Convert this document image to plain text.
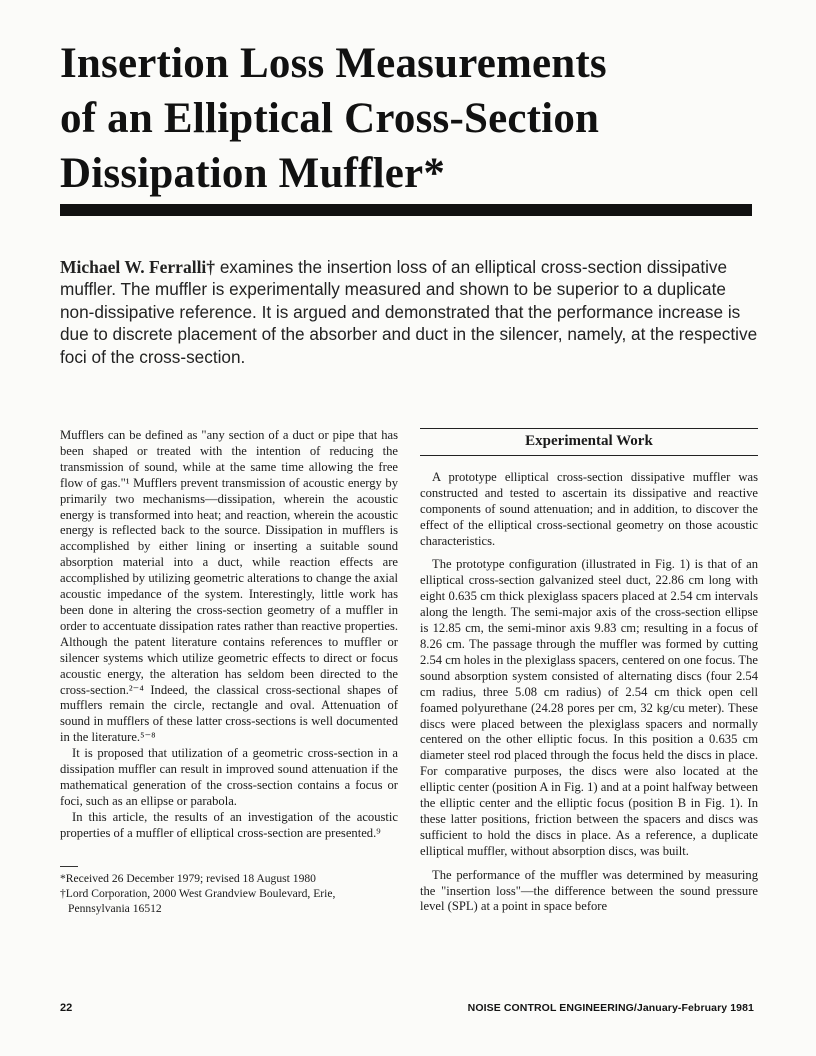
Insertion Loss Measurements
of an Elliptical Cross-Section
Dissipation Muffler*

Michael W. Ferralli† examines the insertion loss of an elliptical cross-section dissipative muffler. The muffler is experimentally measured and shown to be superior to a duplicate non-dissipative reference. It is argued and demonstrated that the performance increase is due to discrete placement of the absorber and duct in the silencer, namely, at the respective foci of the cross-section.

Mufflers can be defined as "any section of a duct or pipe that has been shaped or treated with the intention of reducing the transmission of sound, while at the same time allowing the free flow of gas."¹ Mufflers prevent transmission of acoustic energy by primarily two mechanisms—dissipation, wherein the acoustic energy is transformed into heat; and reaction, wherein the acoustic energy is reflected back to the source. Dissipation in mufflers is accomplished by either lining or inserting a suitable sound absorption material into a duct, while reaction effects are accomplished by utilizing geometric alterations to change the axial acoustic impedance of the system. Interestingly, little work has been done in altering the cross-section geometry of a muffler in order to accentuate dissipation rates rather than reactive properties. Although the patent literature contains references to muffler or silencer systems which utilize geometric effects to direct or focus acoustic energy, the alteration has seldom been directed to the cross-section.²⁻⁴ Indeed, the classical cross-sectional shapes of mufflers remain the circle, rectangle and oval. Attenuation of sound in mufflers of these latter cross-sections is well documented in the literature.⁵⁻⁸

It is proposed that utilization of a geometric cross-section in a dissipation muffler can result in improved sound attenuation if the mathematical generation of the cross-section contains a focus or foci, such as an ellipse or parabola.

In this article, the results of an investigation of the acoustic properties of a muffler of elliptical cross-section are presented.⁹

*Received 26 December 1979; revised 18 August 1980
†Lord Corporation, 2000 West Grandview Boulevard, Erie, Pennsylvania 16512
Experimental Work

A prototype elliptical cross-section dissipative muffler was constructed and tested to ascertain its dissipative and reactive components of sound attenuation; and in addition, to discover the effect of the elliptical cross-sectional geometry on those acoustic characteristics.

The prototype configuration (illustrated in Fig. 1) is that of an elliptical cross-section galvanized steel duct, 22.86 cm long with eight 0.635 cm thick plexiglass spacers placed at 2.54 cm intervals along the length. The semi-major axis of the cross-section ellipse is 12.85 cm, the semi-minor axis 9.83 cm; resulting in a focus of 8.26 cm. The passage through the muffler was formed by cutting 2.54 cm holes in the plexiglass spacers, centered on one focus. The sound absorption system consisted of alternating discs (four 2.54 cm radius, three 5.08 cm radius) of 2.54 cm thick open cell foamed polyurethane (24.28 pores per cm, 32 kg/cu meter). These discs were placed between the plexiglass spacers and normally centered on the other elliptic focus. In this position a 0.635 cm diameter steel rod placed through the focus held the discs in place. For comparative purposes, the discs were also located at the elliptic center (position A in Fig. 1) and at a point halfway between the elliptic center and the elliptic focus (position B in Fig. 1). In these latter positions, friction between the spacers and discs was sufficient to hold the discs in place. As a reference, a duplicate elliptical muffler, without absorption discs, was built.

The performance of the muffler was determined by measuring the "insertion loss"—the difference between the sound pressure level (SPL) at a point in space before

22	NOISE CONTROL ENGINEERING/January-February 1981
